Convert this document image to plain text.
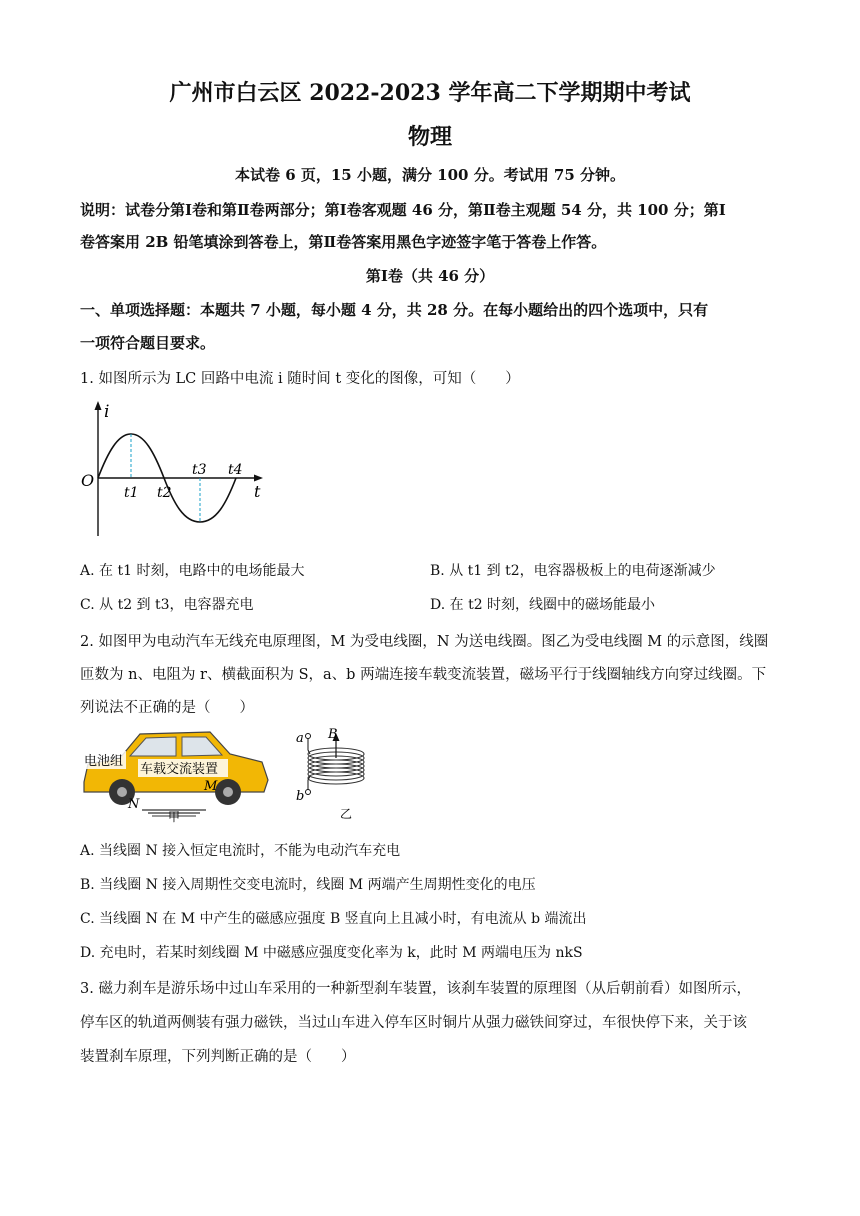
广州市白云区 2022-2023 学年高二下学期期中考试
物理
本试卷 6 页，15 小题，满分 100 分。考试用 75 分钟。
说明：试卷分第Ⅰ卷和第Ⅱ卷两部分；第Ⅰ卷客观题 46 分，第Ⅱ卷主观题 54 分，共 100 分；第Ⅰ
卷答案用 2B 铅笔填涂到答卷上，第Ⅱ卷答案用黑色字迹签字笔于答卷上作答。
第Ⅰ卷（共 46 分）
一、单项选择题：本题共 7 小题，每小题 4 分，共 28 分。在每小题给出的四个选项中，只有
一项符合题目要求。
1. 如图所示为 LC 回路中电流 i 随时间 t 变化的图像，可知（　　）
i
O
t
t1 t2
t3 t4
A. 在 t1 时刻，电路中的电场能最大	B. 从 t1 到 t2，电容器极板上的电荷逐渐减少
C. 从 t2 到 t3，电容器充电	D. 在 t2 时刻，线圈中的磁场能最小
2. 如图甲为电动汽车无线充电原理图，M 为受电线圈，N 为送电线圈。图乙为受电线圈 M 的示意图，线圈
匝数为 n、电阻为 r、横截面积为 S，a、b 两端连接车载变流装置，磁场平行于线圈轴线方向穿过线圈。下
列说法不正确的是（　　）
电池组
车载交流装置
N
M
甲
a
b
B
乙
A. 当线圈 N 接入恒定电流时，不能为电动汽车充电
B. 当线圈 N 接入周期性交变电流时，线圈 M 两端产生周期性变化的电压
C. 当线圈 N 在 M 中产生的磁感应强度 B 竖直向上且减小时，有电流从 b 端流出
D. 充电时，若某时刻线圈 M 中磁感应强度变化率为 k，此时 M 两端电压为 nkS
3. 磁力刹车是游乐场中过山车采用的一种新型刹车装置，该刹车装置的原理图（从后朝前看）如图所示，
停车区的轨道两侧装有强力磁铁，当过山车进入停车区时铜片从强力磁铁间穿过，车很快停下来，关于该
装置刹车原理，下列判断正确的是（　　）
